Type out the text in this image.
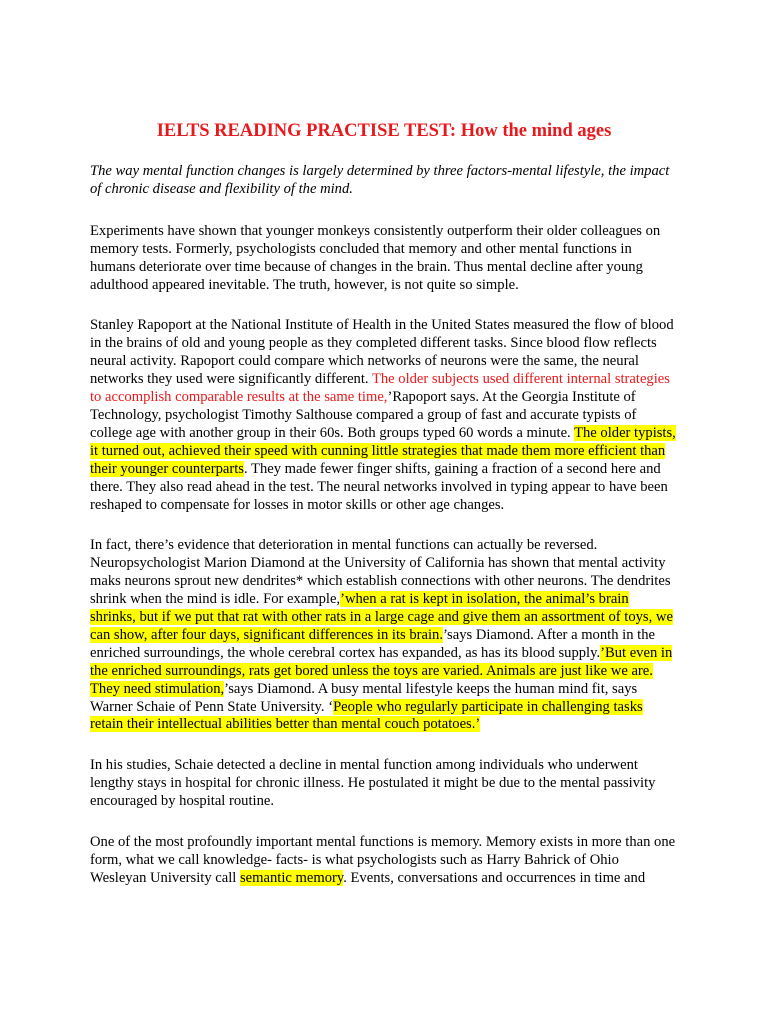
IELTS READING PRACTISE TEST: How the mind ages

The way mental function changes is largely determined by three factors-mental lifestyle, the impact of chronic disease and flexibility of the mind.

Experiments have shown that younger monkeys consistently outperform their older colleagues on memory tests. Formerly, psychologists concluded that memory and other mental functions in humans deteriorate over time because of changes in the brain. Thus mental decline after young adulthood appeared inevitable. The truth, however, is not quite so simple.

Stanley Rapoport at the National Institute of Health in the United States measured the flow of blood in the brains of old and young people as they completed different tasks. Since blood flow reflects neural activity. Rapoport could compare which networks of neurons were the same, the neural networks they used were significantly different. The older subjects used different internal strategies to accomplish comparable results at the same time,’Rapoport says. At the Georgia Institute of Technology, psychologist Timothy Salthouse compared a group of fast and accurate typists of college age with another group in their 60s. Both groups typed 60 words a minute. The older typists, it turned out, achieved their speed with cunning little strategies that made them more efficient than their younger counterparts. They made fewer finger shifts, gaining a fraction of a second here and there. They also read ahead in the test. The neural networks involved in typing appear to have been reshaped to compensate for losses in motor skills or other age changes.

In fact, there’s evidence that deterioration in mental functions can actually be reversed. Neuropsychologist Marion Diamond at the University of California has shown that mental activity maks neurons sprout new dendrites* which establish connections with other neurons. The dendrites shrink when the mind is idle. For example,’when a rat is kept in isolation, the animal’s brain shrinks, but if we put that rat with other rats in a large cage and give them an assortment of toys, we can show, after four days, significant differences in its brain.’says Diamond. After a month in the enriched surroundings, the whole cerebral cortex has expanded, as has its blood supply.’But even in the enriched surroundings, rats get bored unless the toys are varied. Animals are just like we are. They need stimulation,’says Diamond. A busy mental lifestyle keeps the human mind fit, says Warner Schaie of Penn State University. ‘People who regularly participate in challenging tasks retain their intellectual abilities better than mental couch potatoes.’

In his studies, Schaie detected a decline in mental function among individuals who underwent lengthy stays in hospital for chronic illness. He postulated it might be due to the mental passivity encouraged by hospital routine.

One of the most profoundly important mental functions is memory. Memory exists in more than one form, what we call knowledge- facts- is what psychologists such as Harry Bahrick of Ohio Wesleyan University call semantic memory. Events, conversations and occurrences in time and
